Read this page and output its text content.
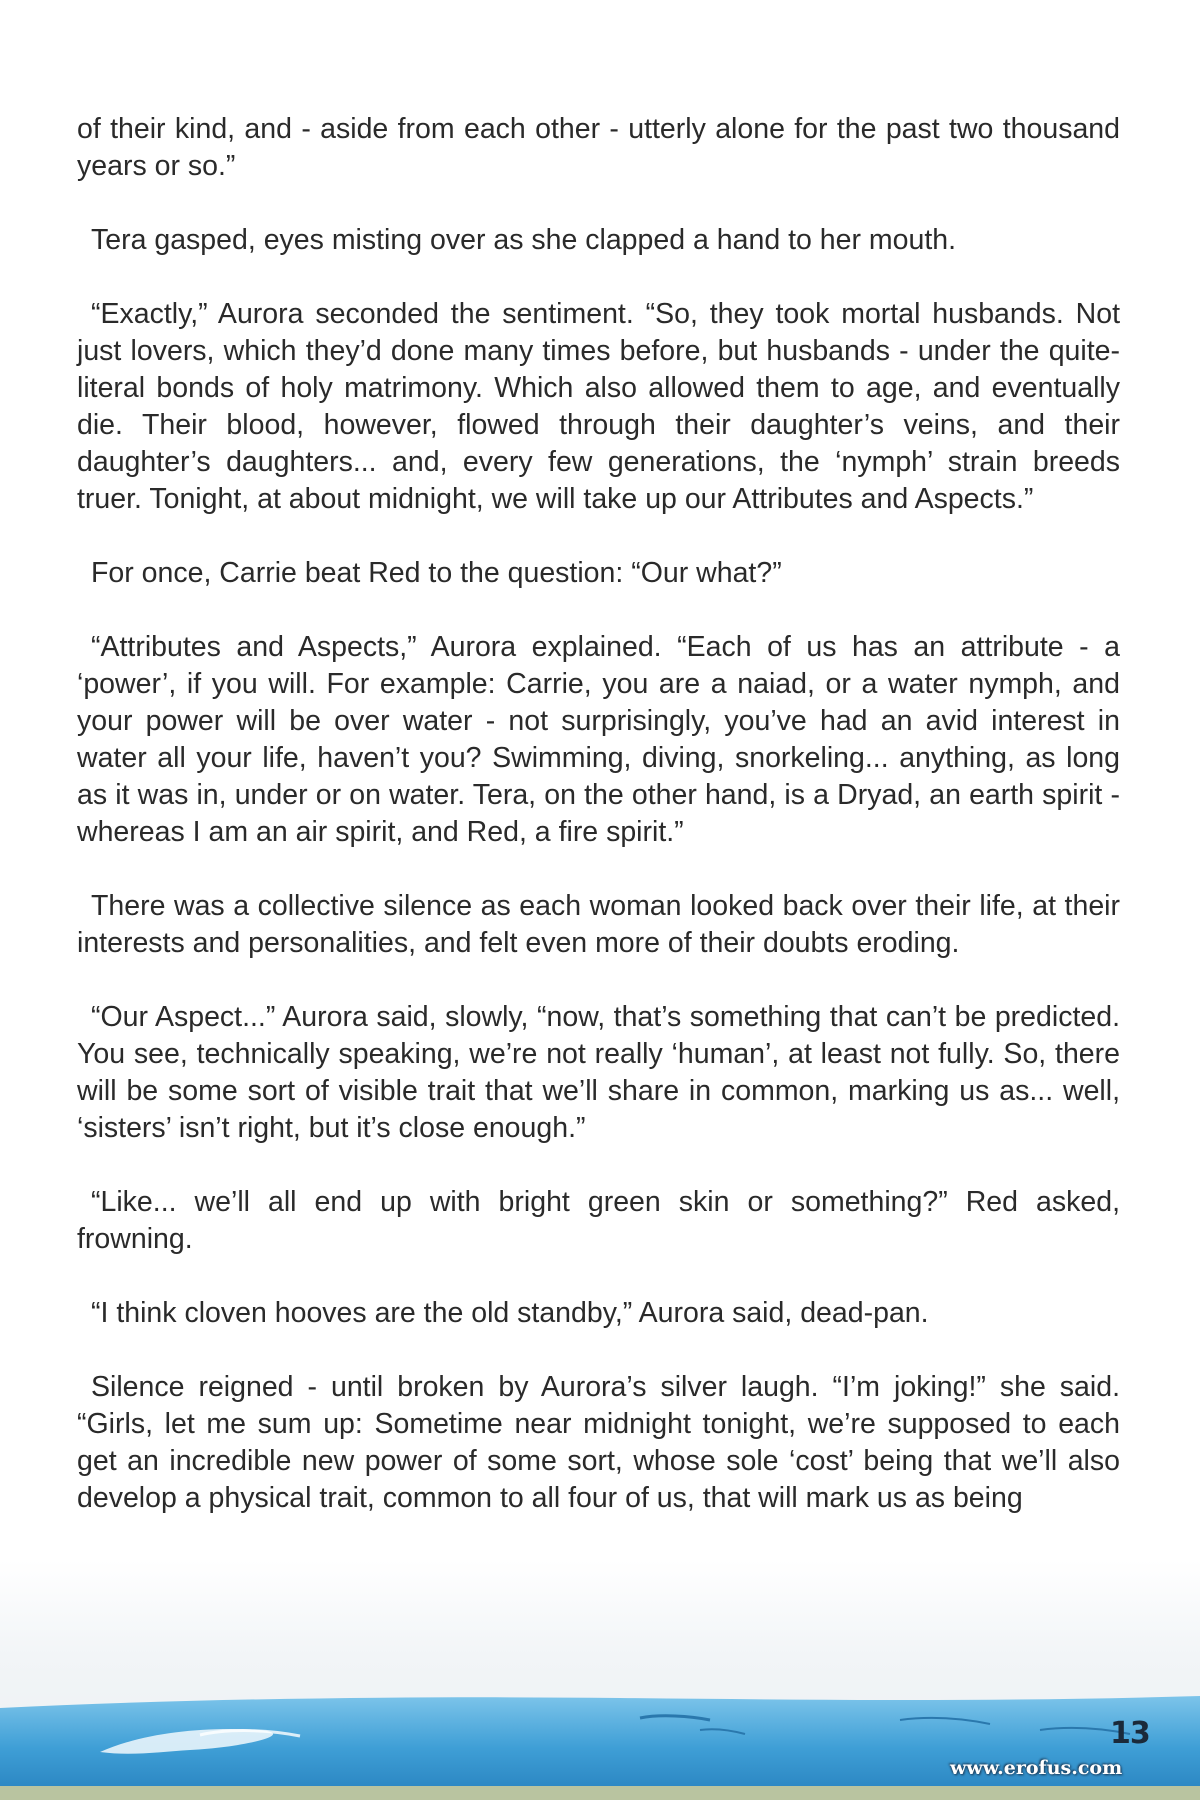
of their kind, and - aside from each other - utterly alone for the past two thousand years or so.”

Tera gasped, eyes misting over as she clapped a hand to her mouth.

“Exactly,” Aurora seconded the sentiment. “So, they took mortal husbands. Not just lovers, which they’d done many times before, but husbands - under the quite-literal bonds of holy matrimony. Which also allowed them to age, and eventually die. Their blood, however, flowed through their daughter’s veins, and their daughter’s daughters... and, every few generations, the ‘nymph’ strain breeds truer. Tonight, at about midnight, we will take up our Attributes and Aspects.”

For once, Carrie beat Red to the question: “Our what?”

“Attributes and Aspects,” Aurora explained. “Each of us has an attribute - a ‘power’, if you will. For example: Carrie, you are a naiad, or a water nymph, and your power will be over water - not surprisingly, you’ve had an avid interest in water all your life, haven’t you? Swimming, diving, snorkeling... anything, as long as it was in, under or on water. Tera, on the other hand, is a Dryad, an earth spirit - whereas I am an air spirit, and Red, a fire spirit.”

There was a collective silence as each woman looked back over their life, at their interests and personalities, and felt even more of their doubts eroding.

“Our Aspect...” Aurora said, slowly, “now, that’s something that can’t be predicted. You see, technically speaking, we’re not really ‘human’, at least not fully. So, there will be some sort of visible trait that we’ll share in common, marking us as... well, ‘sisters’ isn’t right, but it’s close enough.”

“Like... we’ll all end up with bright green skin or something?” Red asked, frowning.

“I think cloven hooves are the old standby,” Aurora said, dead-pan.

Silence reigned - until broken by Aurora’s silver laugh. “I’m joking!” she said. “Girls, let me sum up: Sometime near midnight tonight, we’re supposed to each get an incredible new power of some sort, whose sole ‘cost’ being that we’ll also develop a physical trait, common to all four of us, that will mark us as being

13
www.erofus.com
